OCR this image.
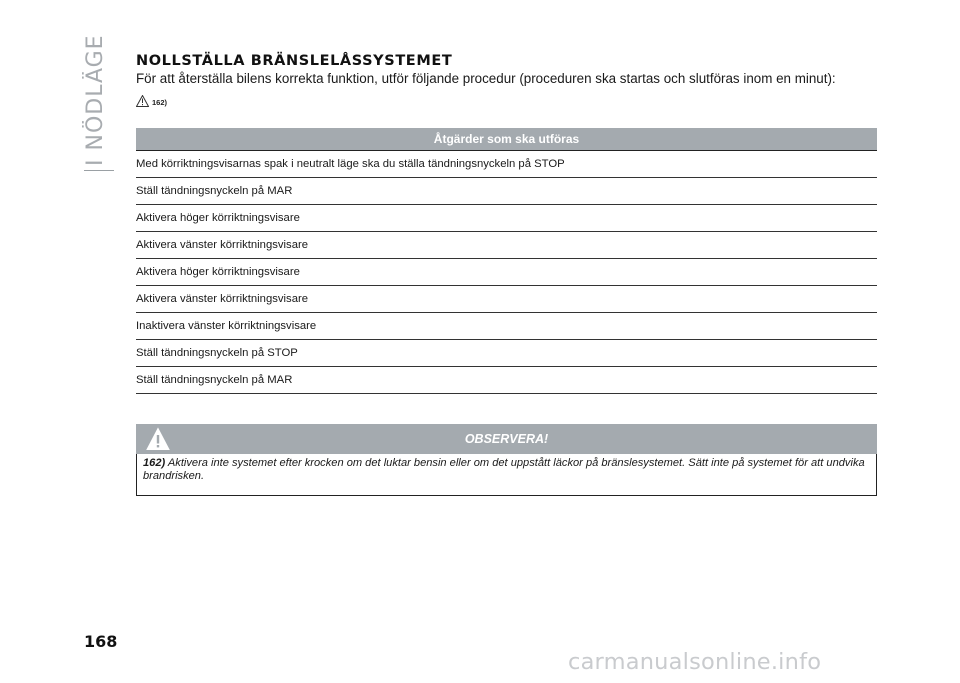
I NÖDLÄGE NOLLSTÄLLA BRÄNSLELÅSSYSTEMET
För att återställa bilens korrekta funktion, utför följande procedur (proceduren ska startas och slutföras inom en minut):
162)
Åtgärder som ska utföras
Med körriktningsvisarnas spak i neutralt läge ska du ställa tändningsnyckeln på STOP
Ställ tändningsnyckeln på MAR
Aktivera höger körriktningsvisare
Aktivera vänster körriktningsvisare
Aktivera höger körriktningsvisare
Aktivera vänster körriktningsvisare
Inaktivera vänster körriktningsvisare
Ställ tändningsnyckeln på STOP
Ställ tändningsnyckeln på MAR
OBSERVERA!
162) Aktivera inte systemet efter krocken om det luktar bensin eller om det uppstått läckor på bränslesystemet. Sätt inte på systemet för att undvika brandrisken.
168
carmanualsonline.info
